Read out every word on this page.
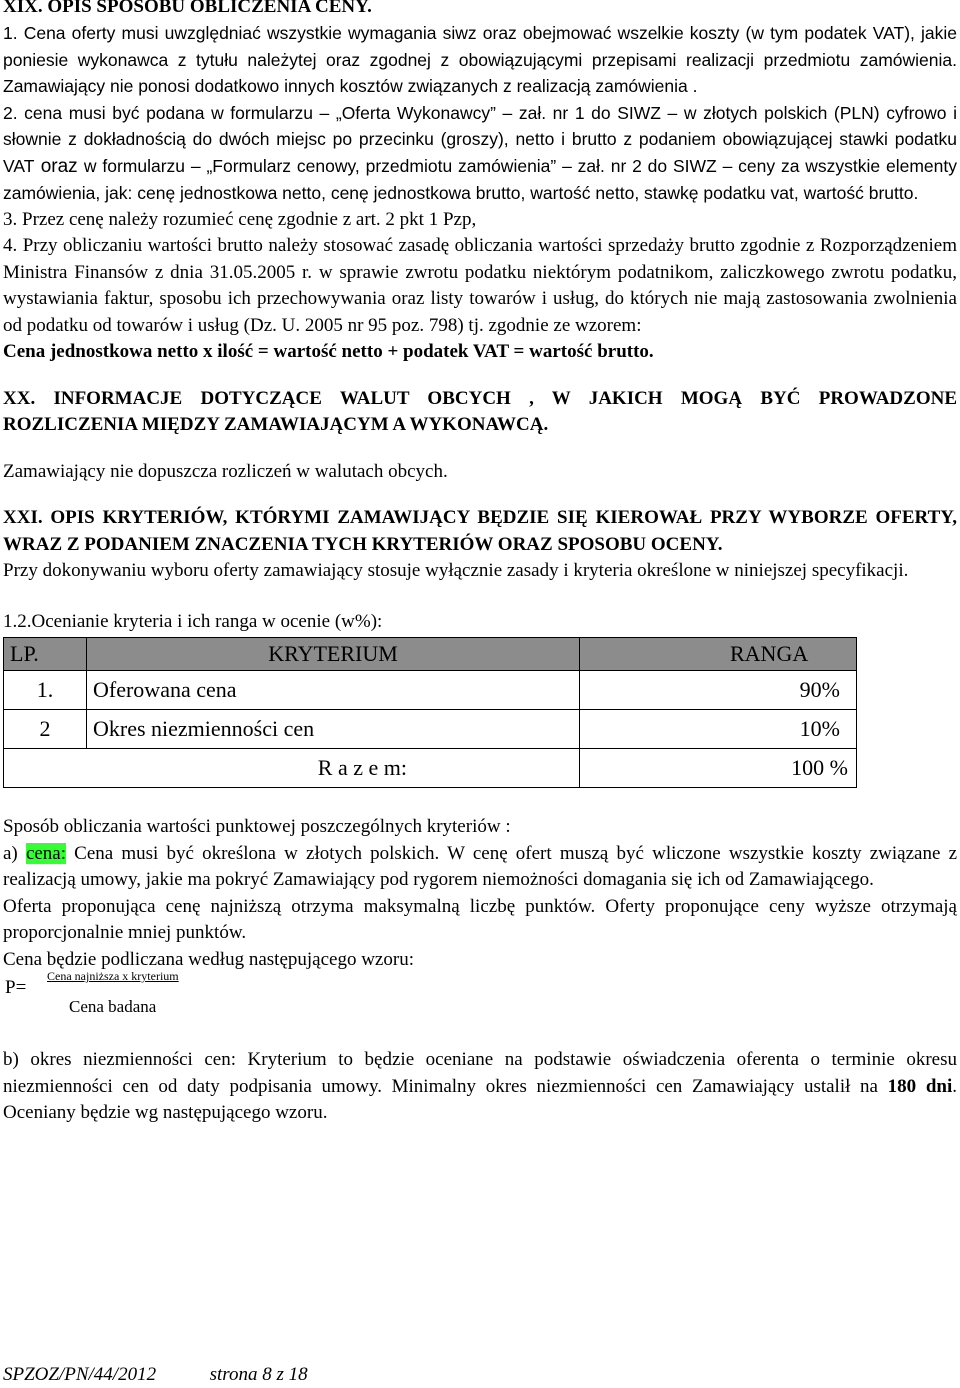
XIX. OPIS SPOSOBU OBLICZENIA CENY.

1. Cena oferty musi uwzględniać wszystkie wymagania siwz oraz obejmować wszelkie koszty (w tym podatek VAT), jakie poniesie wykonawca z tytułu należytej oraz zgodnej z obowiązującymi przepisami realizacji przedmiotu zamówienia. Zamawiający nie ponosi dodatkowo innych kosztów związanych z realizacją zamówienia .

2. cena musi być podana w formularzu – „Oferta Wykonawcy” – zał. nr 1 do SIWZ – w złotych polskich (PLN) cyfrowo i słownie z dokładnością do dwóch miejsc po przecinku (groszy), netto i brutto z podaniem obowiązującej stawki podatku VAT oraz w formularzu – „Formularz cenowy, przedmiotu zamówienia” – zał. nr 2 do SIWZ – ceny za wszystkie elementy zamówienia, jak: cenę jednostkowa netto, cenę jednostkowa brutto, wartość netto, stawkę podatku vat, wartość brutto.

3. Przez cenę należy rozumieć cenę zgodnie z art. 2 pkt 1 Pzp,

4. Przy obliczaniu wartości brutto należy stosować zasadę obliczania wartości sprzedaży brutto zgodnie z Rozporządzeniem Ministra Finansów z dnia 31.05.2005 r. w sprawie zwrotu podatku niektórym podatnikom, zaliczkowego zwrotu podatku, wystawiania faktur, sposobu ich przechowywania oraz listy towarów i usług, do których nie mają zastosowania zwolnienia od podatku od towarów i usług (Dz. U. 2005 nr 95 poz. 798) tj. zgodnie ze wzorem:

Cena jednostkowa netto x ilość = wartość netto + podatek VAT = wartość brutto.

XX. INFORMACJE DOTYCZĄCE WALUT OBCYCH , W JAKICH MOGĄ BYĆ PROWADZONE ROZLICZENIA MIĘDZY ZAMAWIAJĄCYM A WYKONAWCĄ.

Zamawiający nie dopuszcza rozliczeń w walutach obcych.

XXI. OPIS KRYTERIÓW, KTÓRYMI ZAMAWIJĄCY BĘDZIE SIĘ KIEROWAŁ PRZY WYBORZE OFERTY, WRAZ Z PODANIEM ZNACZENIA TYCH KRYTERIÓW ORAZ SPOSOBU OCENY.

Przy dokonywaniu wyboru oferty zamawiający stosuje wyłącznie zasady i kryteria określone w niniejszej specyfikacji.

1.2.Ocenianie kryteria i ich ranga w ocenie (w%):

LP.	KRYTERIUM	RANGA
1.	Oferowana cena	90%
2	Okres niezmienności cen	10%
R a z e m:		100 %

Sposób obliczania wartości punktowej poszczególnych kryteriów :

a) cena: Cena musi być określona w złotych polskich. W cenę ofert muszą być wliczone wszystkie koszty związane z realizacją umowy, jakie ma pokryć Zamawiający pod rygorem niemożności domagania się ich od Zamawiającego.

Oferta proponująca cenę najniższą otrzyma maksymalną liczbę punktów. Oferty proponujące ceny wyższe otrzymają proporcjonalnie mniej punktów.

Cena będzie podliczana według następującego wzoru:

P=
Cena najniższa x kryterium
Cena badana

b) okres niezmienności cen: Kryterium to będzie oceniane na podstawie oświadczenia oferenta o terminie okresu niezmienności cen od daty podpisania umowy. Minimalny okres niezmienności cen Zamawiający ustalił na 180 dni. Oceniany będzie wg następującego wzoru.

SPZOZ/PN/44/2012	strona 8 z 18
